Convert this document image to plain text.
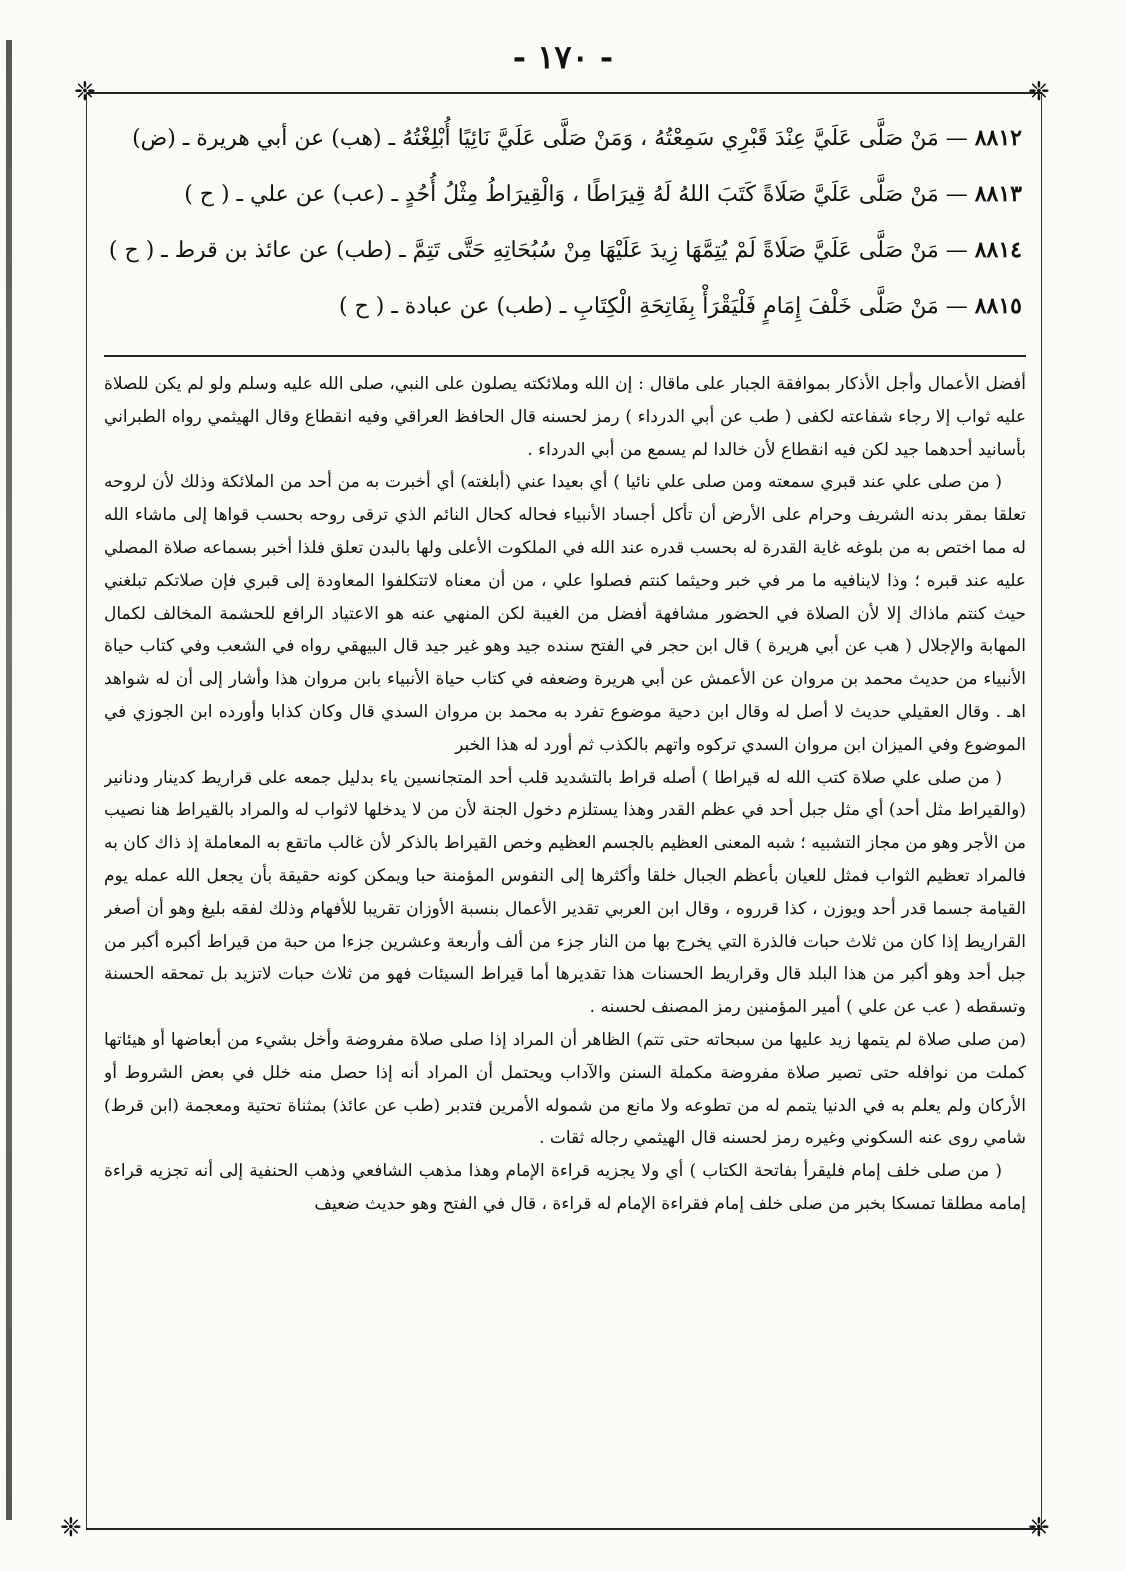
- ١٧٠ -
❈	❈
❈	❈
٨٨١٢ — مَنْ صَلَّى عَلَيَّ عِنْدَ قَبْرِي سَمِعْتُهُ ، وَمَنْ صَلَّى عَلَيَّ نَائِيًا أُبْلِغْتُهُ ـ (هب) عن أبي هريرة ـ (ض)
٨٨١٣ — مَنْ صَلَّى عَلَيَّ صَلَاةً كَتَبَ اللهُ لَهُ قِيرَاطًا ، وَالْقِيرَاطُ مِثْلُ أُحُدٍ ـ (عب) عن علي ـ ( ح )
٨٨١٤ — مَنْ صَلَّى عَلَيَّ صَلَاةً لَمْ يُتِمَّهَا زِيدَ عَلَيْهَا مِنْ سُبُحَاتِهِ حَتَّى تَتِمَّ ـ (طب) عن عائذ بن قرط ـ ( ح )
٨٨١٥ — مَنْ صَلَّى خَلْفَ إِمَامٍ فَلْيَقْرَأْ بِفَاتِحَةِ الْكِتَابِ ـ (طب) عن عبادة ـ ( ح )

أفضل الأعمال وأجل الأذكار بموافقة الجبار على ماقال : إن الله وملائكته يصلون على النبي، صلى الله عليه وسلم ولو لم يكن للصلاة عليه ثواب إلا رجاء شفاعته لكفى ( طب عن أبي الدرداء ) رمز لحسنه قال الحافظ العراقي وفيه انقطاع وقال الهيثمي رواه الطبراني بأسانيد أحدهما جيد لكن فيه انقطاع لأن خالدا لم يسمع من أبي الدرداء .

( من صلى علي عند قبري سمعته ومن صلى علي نائيا ) أي بعيدا عني (أبلغته) أي أخبرت به من أحد من الملائكة وذلك لأن لروحه تعلقا بمقر بدنه الشريف وحرام على الأرض أن تأكل أجساد الأنبياء فحاله كحال النائم الذي ترقى روحه بحسب قواها إلى ماشاء الله له مما اختص به من بلوغه غاية القدرة له بحسب قدره عند الله في الملكوت الأعلى ولها بالبدن تعلق فلذا أخبر بسماعه صلاة المصلي عليه عند قبره ؛ وذا لاينافيه ما مر في خبر وحيثما كنتم فصلوا علي ، من أن معناه لاتتكلفوا المعاودة إلى قبري فإن صلاتكم تبلغني حيث كنتم ماذاك إلا لأن الصلاة في الحضور مشافهة أفضل من الغيبة لكن المنهي عنه هو الاعتياد الرافع للحشمة المخالف لكمال المهابة والإجلال ( هب عن أبي هريرة ) قال ابن حجر في الفتح سنده جيد وهو غير جيد قال البيهقي رواه في الشعب وفي كتاب حياة الأنبياء من حديث محمد بن مروان عن الأعمش عن أبي هريرة وضعفه في كتاب حياة الأنبياء بابن مروان هذا وأشار إلى أن له شواهد اهـ . وقال العقيلي حديث لا أصل له وقال ابن دحية موضوع تفرد به محمد بن مروان السدي قال وكان كذابا وأورده ابن الجوزي في الموضوع وفي الميزان ابن مروان السدي تركوه واتهم بالكذب ثم أورد له هذا الخبر

( من صلى علي صلاة كتب الله له قيراطا ) أصله قراط بالتشديد قلب أحد المتجانسين ياء بدليل جمعه على قراريط كدينار ودنانير (والقيراط مثل أحد) أي مثل جبل أحد في عظم القدر وهذا يستلزم دخول الجنة لأن من لا يدخلها لاثواب له والمراد بالقيراط هنا نصيب من الأجر وهو من مجاز التشبيه ؛ شبه المعنى العظيم بالجسم العظيم وخص القيراط بالذكر لأن غالب ماتقع به المعاملة إذ ذاك كان به فالمراد تعظيم الثواب فمثل للعيان بأعظم الجبال خلقا وأكثرها إلى النفوس المؤمنة حبا ويمكن كونه حقيقة بأن يجعل الله عمله يوم القيامة جسما قدر أحد ويوزن ، كذا قرروه ، وقال ابن العربي تقدير الأعمال بنسبة الأوزان تقريبا للأفهام وذلك لفقه بليغ وهو أن أصغر القراريط إذا كان من ثلاث حبات فالذرة التي يخرج بها من النار جزء من ألف وأربعة وعشرين جزءا من حبة من قيراط أكبره أكبر من جبل أحد وهو أكبر من هذا البلد قال وقراريط الحسنات هذا تقديرها أما قيراط السيئات فهو من ثلاث حبات لاتزيد بل تمحقه الحسنة وتسقطه ( عب عن علي ) أمير المؤمنين رمز المصنف لحسنه .

(من صلى صلاة لم يتمها زيد عليها من سبحاته حتى تتم) الظاهر أن المراد إذا صلى صلاة مفروضة وأخل بشيء من أبعاضها أو هيئاتها كملت من نوافله حتى تصير صلاة مفروضة مكملة السنن والآداب ويحتمل أن المراد أنه إذا حصل منه خلل في بعض الشروط أو الأركان ولم يعلم به في الدنيا يتمم له من تطوعه ولا مانع من شموله الأمرين فتدبر (طب عن عائذ) بمثناة تحتية ومعجمة (ابن قرط) شامي روى عنه السكوني وغيره رمز لحسنه قال الهيثمي رجاله ثقات .

( من صلى خلف إمام فليقرأ بفاتحة الكتاب ) أي ولا يجزيه قراءة الإمام وهذا مذهب الشافعي وذهب الحنفية إلى أنه تجزيه قراءة إمامه مطلقا تمسكا بخبر من صلى خلف إمام فقراءة الإمام له قراءة ، قال في الفتح وهو حديث ضعيف
